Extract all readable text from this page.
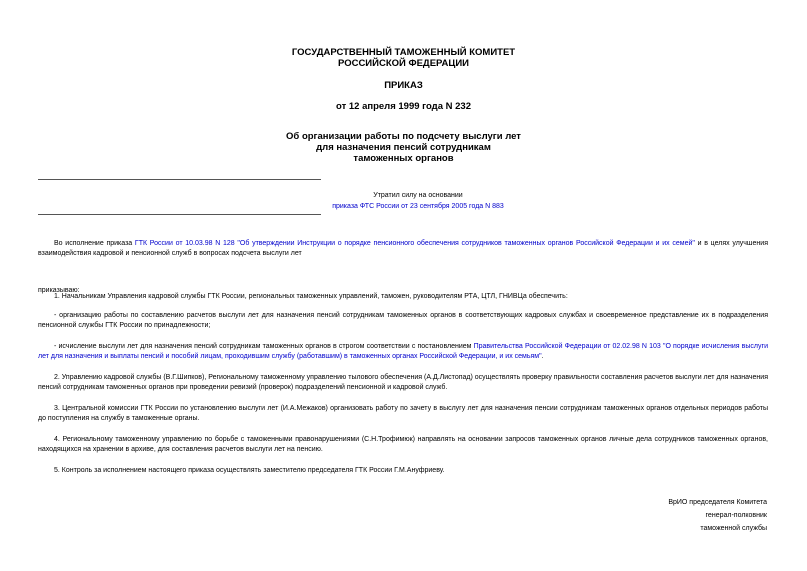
ГОСУДАРСТВЕННЫЙ ТАМОЖЕННЫЙ КОМИТЕТ
РОССИЙСКОЙ ФЕДЕРАЦИИ
ПРИКАЗ
от 12 апреля 1999 года N 232
Об организации работы по подсчету выслуги лет
для назначения пенсий сотрудникам
таможенных органов
Утратил силу на основании
приказа ФТС России от 23 сентября 2005 года N 883
Во исполнение приказа ГТК России от 10.03.98 N 128 "Об утверждении Инструкции о порядке пенсионного обеспечения сотрудников таможенных органов Российской Федерации и их семей" и в целях улучшения взаимодействия кадровой и пенсионной служб в вопросах подсчета выслуги лет
приказываю:
1. Начальникам Управления кадровой службы ГТК России, региональных таможенных управлений, таможен, руководителям РТА, ЦТЛ, ГНИВЦа обеспечить:
- организацию работы по составлению расчетов выслуги лет для назначения пенсий сотрудникам таможенных органов в соответствующих кадровых службах и своевременное представление их в подразделения пенсионной службы ГТК России по принадлежности;
- исчисление выслуги лет для назначения пенсий сотрудникам таможенных органов в строгом соответствии с постановлением Правительства Российской Федерации от 02.02.98 N 103 "О порядке исчисления выслуги лет для назначения и выплаты пенсий и пособий лицам, проходившим службу (работавшим) в таможенных органах Российской Федерации, и их семьям".
2. Управлению кадровой службы (В.Г.Шипков), Региональному таможенному управлению тылового обеспечения (А.Д.Листопад) осуществлять проверку правильности составления расчетов выслуги лет для назначения пенсий сотрудникам таможенных органов при проведении ревизий (проверок) подразделений пенсионной и кадровой служб.
3. Центральной комиссии ГТК России по установлению выслуги лет (И.А.Межаков) организовать работу по зачету в выслугу лет для назначения пенсии сотрудникам таможенных органов отдельных периодов работы до поступления на службу в таможенные органы.
4. Региональному таможенному управлению по борьбе с таможенными правонарушениями (С.Н.Трофимюк) направлять на основании запросов таможенных органов личные дела сотрудников таможенных органов, находящихся на хранении в архиве, для составления расчетов выслуги лет на пенсию.
5. Контроль за исполнением настоящего приказа осуществлять заместителю председателя ГТК России Г.М.Ануфриеву.
ВрИО председателя Комитета
генерал-полковник
таможенной службы
